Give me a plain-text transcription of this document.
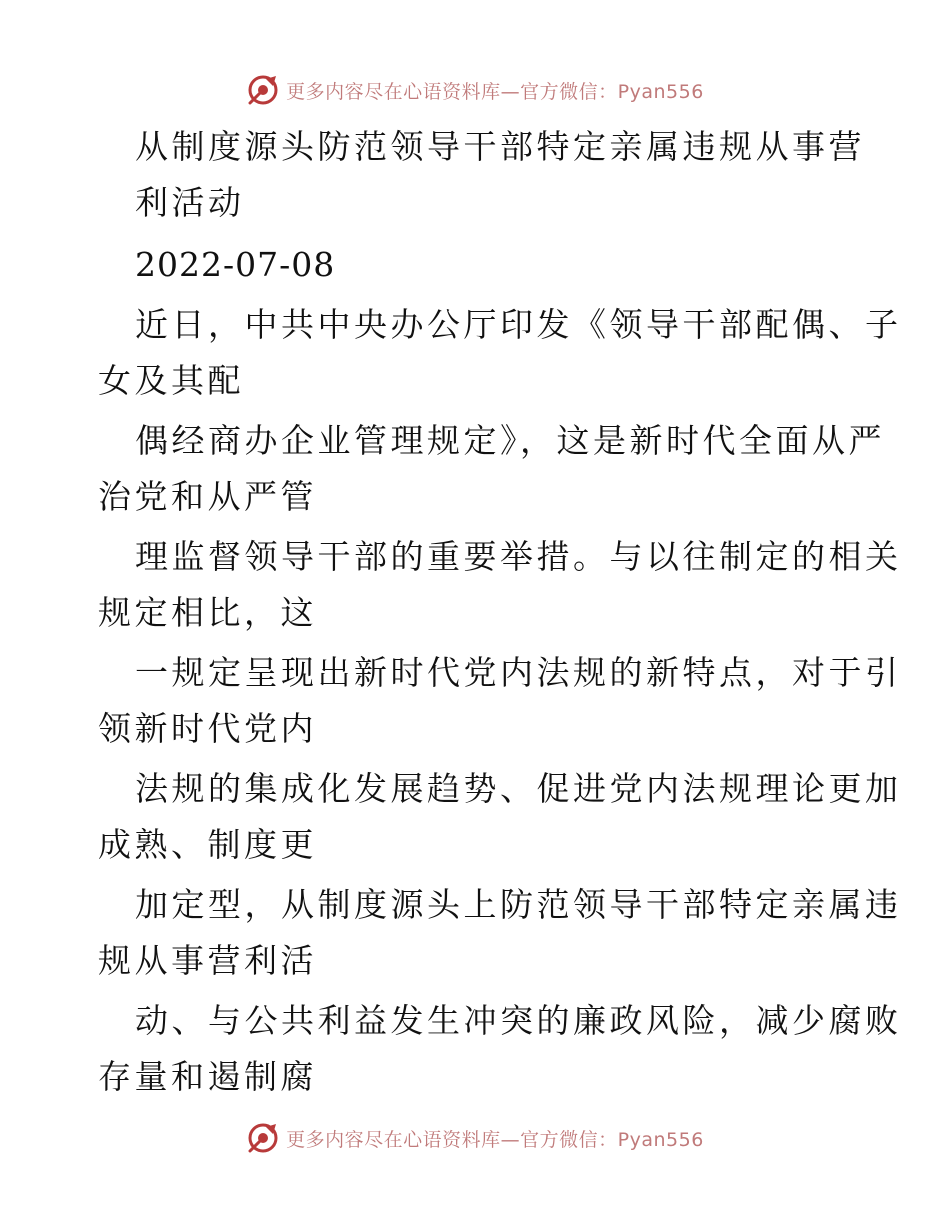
更多内容尽在心语资料库—官方微信：Pyan556
从制度源头防范领导干部特定亲属违规从事营
利活动
2022-07-08
近日，中共中央办公厅印发《领导干部配偶、子
女及其配
偶经商办企业管理规定》，这是新时代全面从严
治党和从严管
理监督领导干部的重要举措。与以往制定的相关
规定相比，这
一规定呈现出新时代党内法规的新特点，对于引
领新时代党内
法规的集成化发展趋势、促进党内法规理论更加
成熟、制度更
加定型，从制度源头上防范领导干部特定亲属违
规从事营利活
动、与公共利益发生冲突的廉政风险，减少腐败
存量和遏制腐
更多内容尽在心语资料库—官方微信：Pyan556
